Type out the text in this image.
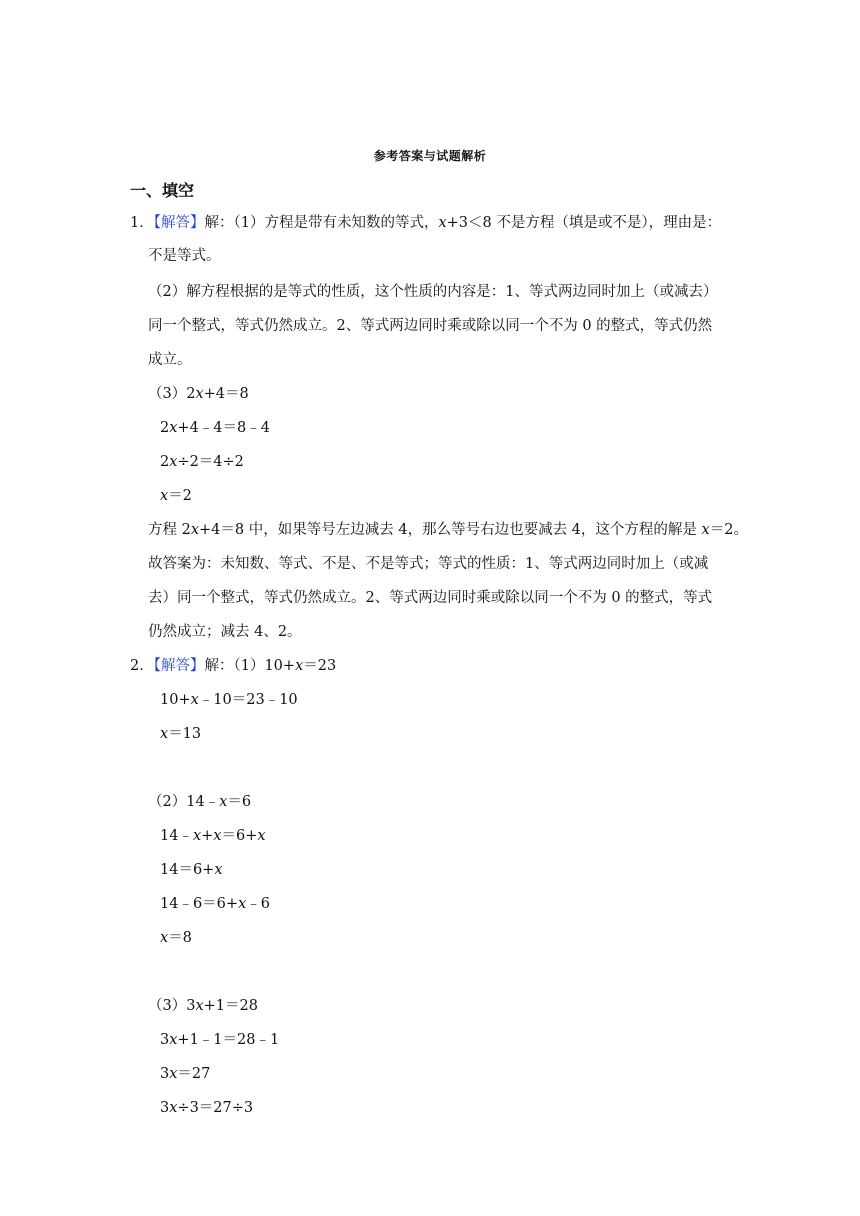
参考答案与试题解析
一、填空
1．【解答】解：（1）方程是带有未知数的等式，x+3＜8 不是方程（填是或不是），理由是：
不是等式。
（2）解方程根据的是等式的性质，这个性质的内容是：1、等式两边同时加上（或减去）
同一个整式，等式仍然成立。2、等式两边同时乘或除以同一个不为 0 的整式，等式仍然
成立。
（3）2x+4＝8
2x+4﹣4＝8﹣4
2x÷2＝4÷2
x＝2
方程 2x+4＝8 中，如果等号左边减去 4，那么等号右边也要减去 4，这个方程的解是 x＝2。
故答案为：未知数、等式、不是、不是等式；等式的性质：1、等式两边同时加上（或减
去）同一个整式，等式仍然成立。2、等式两边同时乘或除以同一个不为 0 的整式，等式
仍然成立；减去 4、2。
2．【解答】解：（1）10+x＝23
10+x﹣10＝23﹣10
x＝13
（2）14﹣x＝6
14﹣x+x＝6+x
14＝6+x
14﹣6＝6+x﹣6
x＝8
（3）3x+1＝28
3x+1﹣1＝28﹣1
3x＝27
3x÷3＝27÷3
